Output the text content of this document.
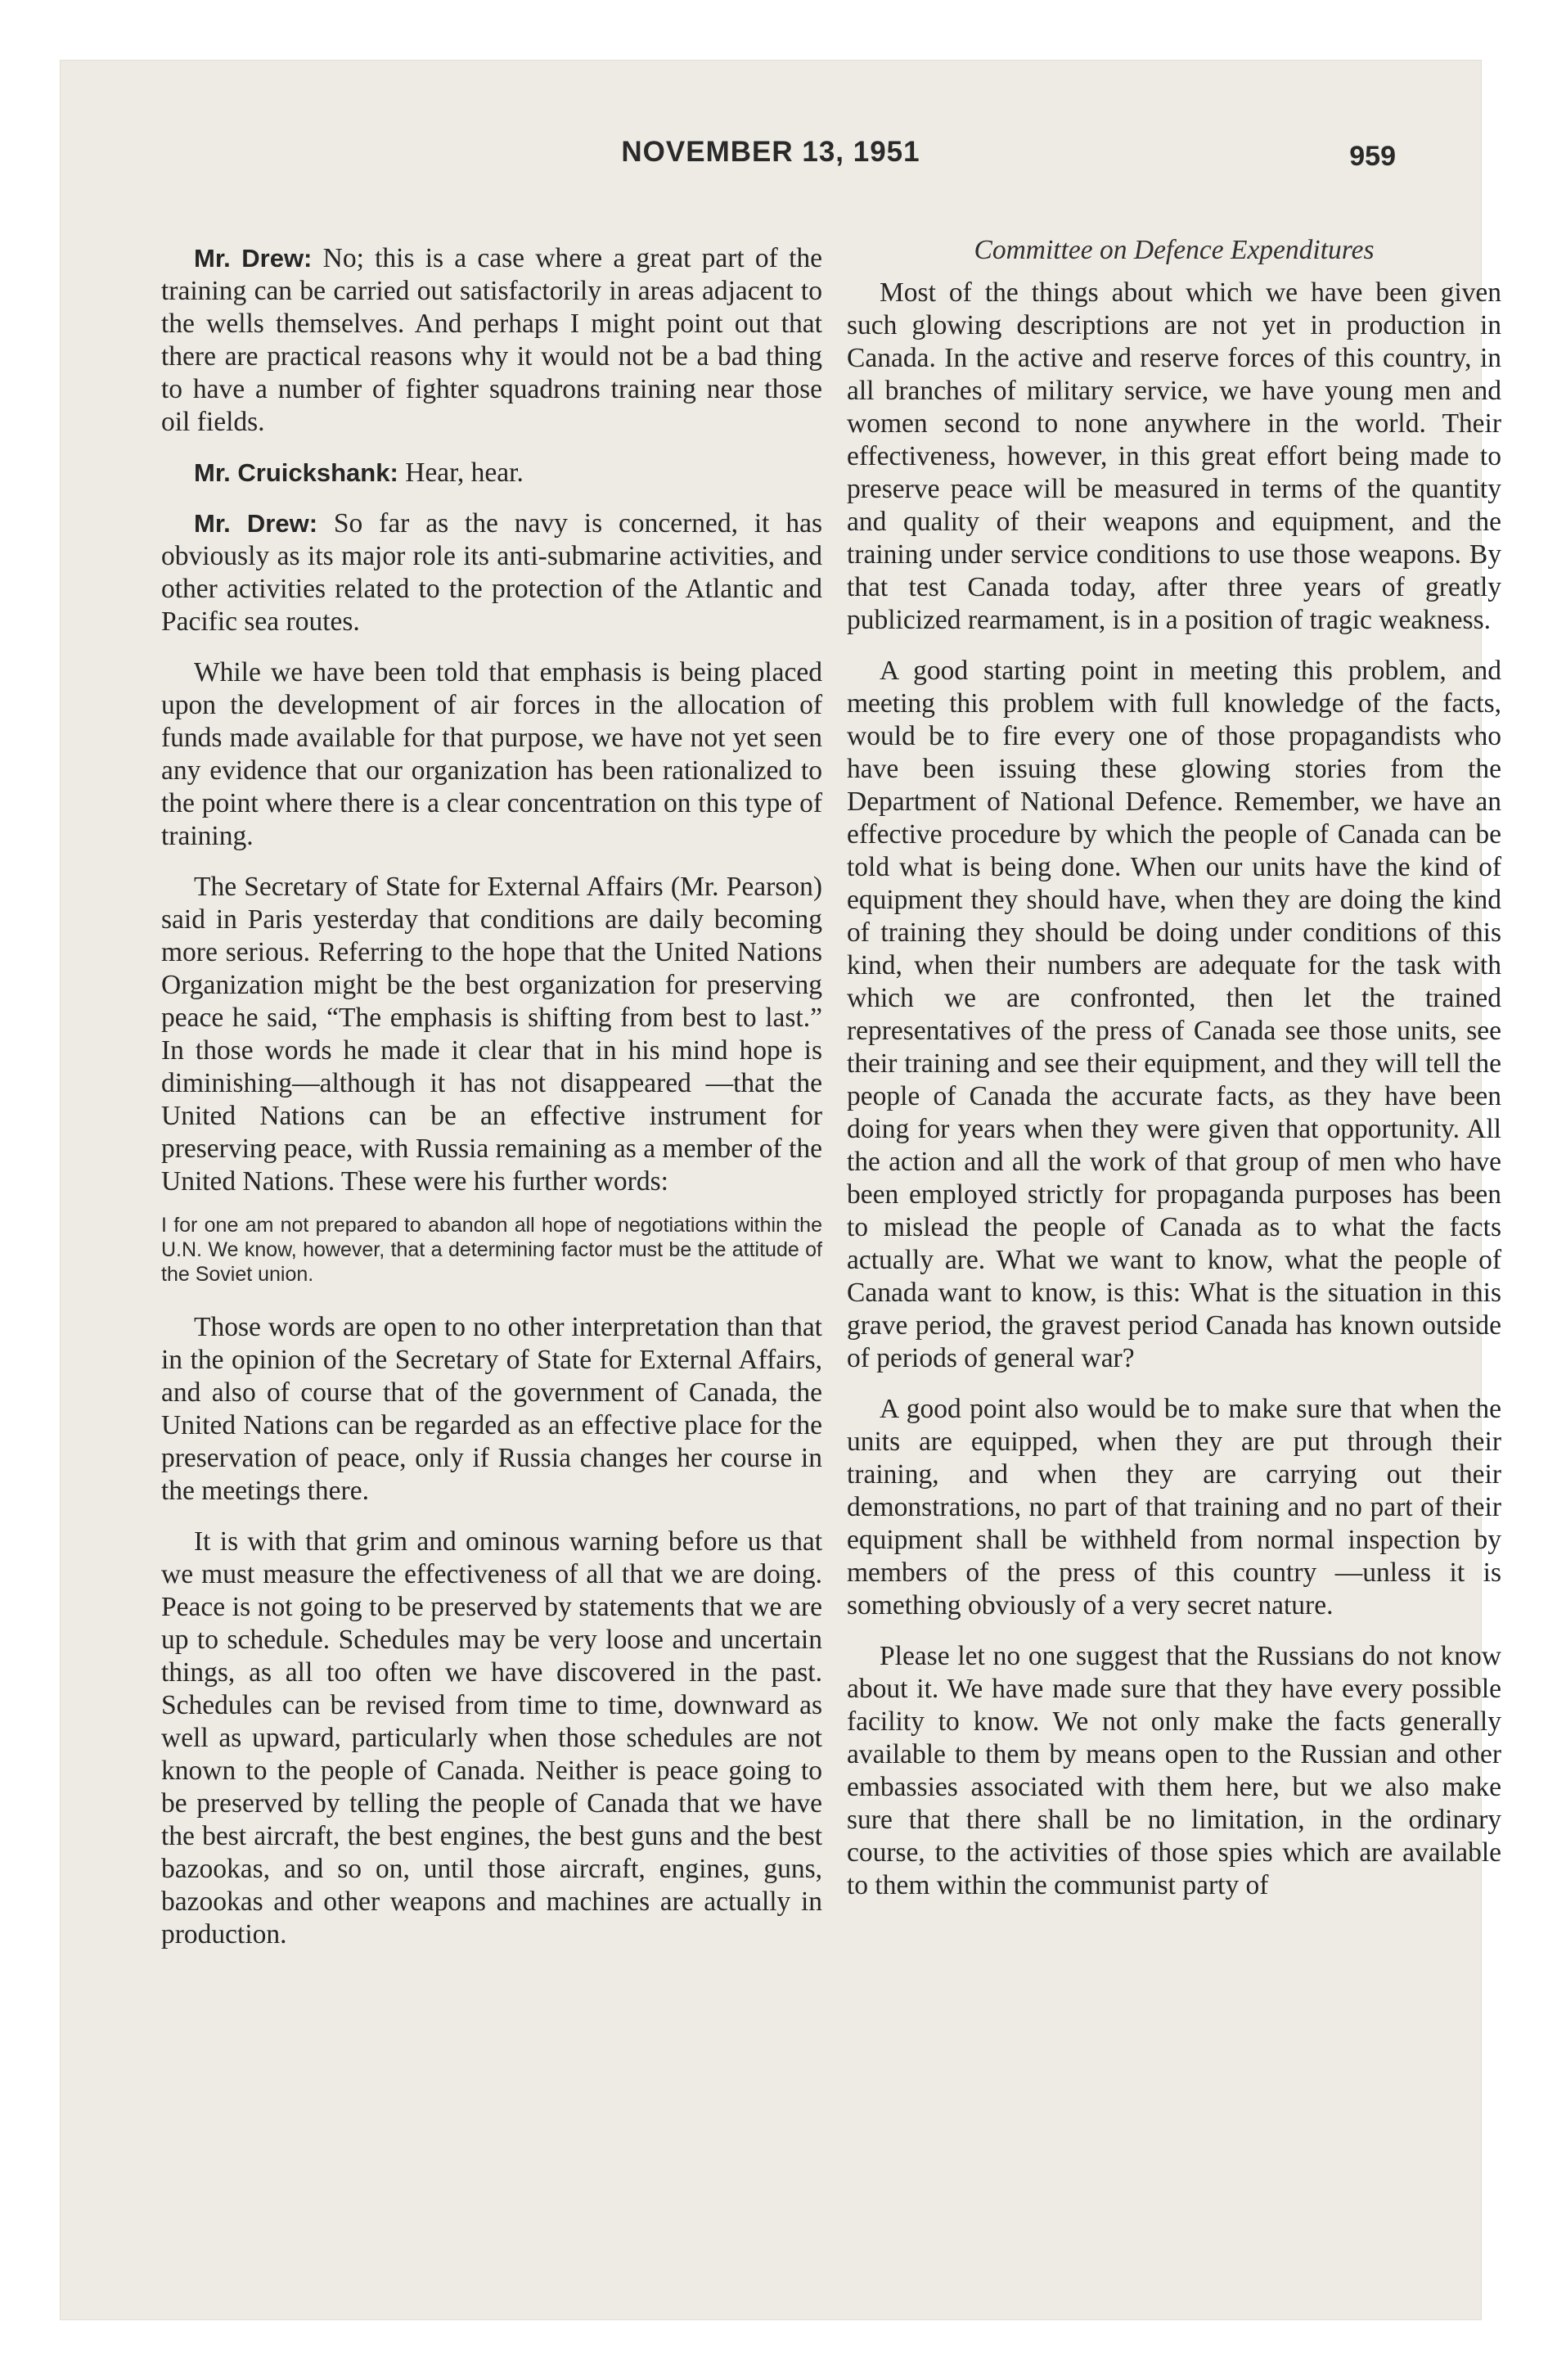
NOVEMBER 13, 1951	959

Mr. Drew: No; this is a case where a great part of the training can be carried out satisfactorily in areas adjacent to the wells themselves. And perhaps I might point out that there are practical reasons why it would not be a bad thing to have a number of fighter squadrons training near those oil fields.

Mr. Cruickshank: Hear, hear.

Mr. Drew: So far as the navy is concerned, it has obviously as its major role its anti-submarine activities, and other activities related to the protection of the Atlantic and Pacific sea routes.

While we have been told that emphasis is being placed upon the development of air forces in the allocation of funds made available for that purpose, we have not yet seen any evidence that our organization has been rationalized to the point where there is a clear concentration on this type of training.

The Secretary of State for External Affairs (Mr. Pearson) said in Paris yesterday that conditions are daily becoming more serious. Referring to the hope that the United Nations Organization might be the best organization for preserving peace he said, “The emphasis is shifting from best to last.” In those words he made it clear that in his mind hope is diminishing—although it has not disappeared —that the United Nations can be an effective instrument for preserving peace, with Russia remaining as a member of the United Nations. These were his further words:

I for one am not prepared to abandon all hope of negotiations within the U.N. We know, however, that a determining factor must be the attitude of the Soviet union.

Those words are open to no other interpretation than that in the opinion of the Secretary of State for External Affairs, and also of course that of the government of Canada, the United Nations can be regarded as an effective place for the preservation of peace, only if Russia changes her course in the meetings there.

It is with that grim and ominous warning before us that we must measure the effectiveness of all that we are doing. Peace is not going to be preserved by statements that we are up to schedule. Schedules may be very loose and uncertain things, as all too often we have discovered in the past. Schedules can be revised from time to time, downward as well as upward, particularly when those schedules are not known to the people of Canada. Neither is peace going to be preserved by telling the people of Canada that we have the best aircraft, the best engines, the best guns and the best bazookas, and so on, until those aircraft, engines, guns, bazookas and other weapons and machines are actually in production.

Committee on Defence Expenditures

Most of the things about which we have been given such glowing descriptions are not yet in production in Canada. In the active and reserve forces of this country, in all branches of military service, we have young men and women second to none anywhere in the world. Their effectiveness, however, in this great effort being made to preserve peace will be measured in terms of the quantity and quality of their weapons and equipment, and the training under service conditions to use those weapons. By that test Canada today, after three years of greatly publicized rearmament, is in a position of tragic weakness.

A good starting point in meeting this problem, and meeting this problem with full knowledge of the facts, would be to fire every one of those propagandists who have been issuing these glowing stories from the Department of National Defence. Remember, we have an effective procedure by which the people of Canada can be told what is being done. When our units have the kind of equipment they should have, when they are doing the kind of training they should be doing under conditions of this kind, when their numbers are adequate for the task with which we are confronted, then let the trained representatives of the press of Canada see those units, see their training and see their equipment, and they will tell the people of Canada the accurate facts, as they have been doing for years when they were given that opportunity. All the action and all the work of that group of men who have been employed strictly for propaganda purposes has been to mislead the people of Canada as to what the facts actually are. What we want to know, what the people of Canada want to know, is this: What is the situation in this grave period, the gravest period Canada has known outside of periods of general war?

A good point also would be to make sure that when the units are equipped, when they are put through their training, and when they are carrying out their demonstrations, no part of that training and no part of their equipment shall be withheld from normal inspection by members of the press of this country —unless it is something obviously of a very secret nature.

Please let no one suggest that the Russians do not know about it. We have made sure that they have every possible facility to know. We not only make the facts generally available to them by means open to the Russian and other embassies associated with them here, but we also make sure that there shall be no limitation, in the ordinary course, to the activities of those spies which are available to them within the communist party of
